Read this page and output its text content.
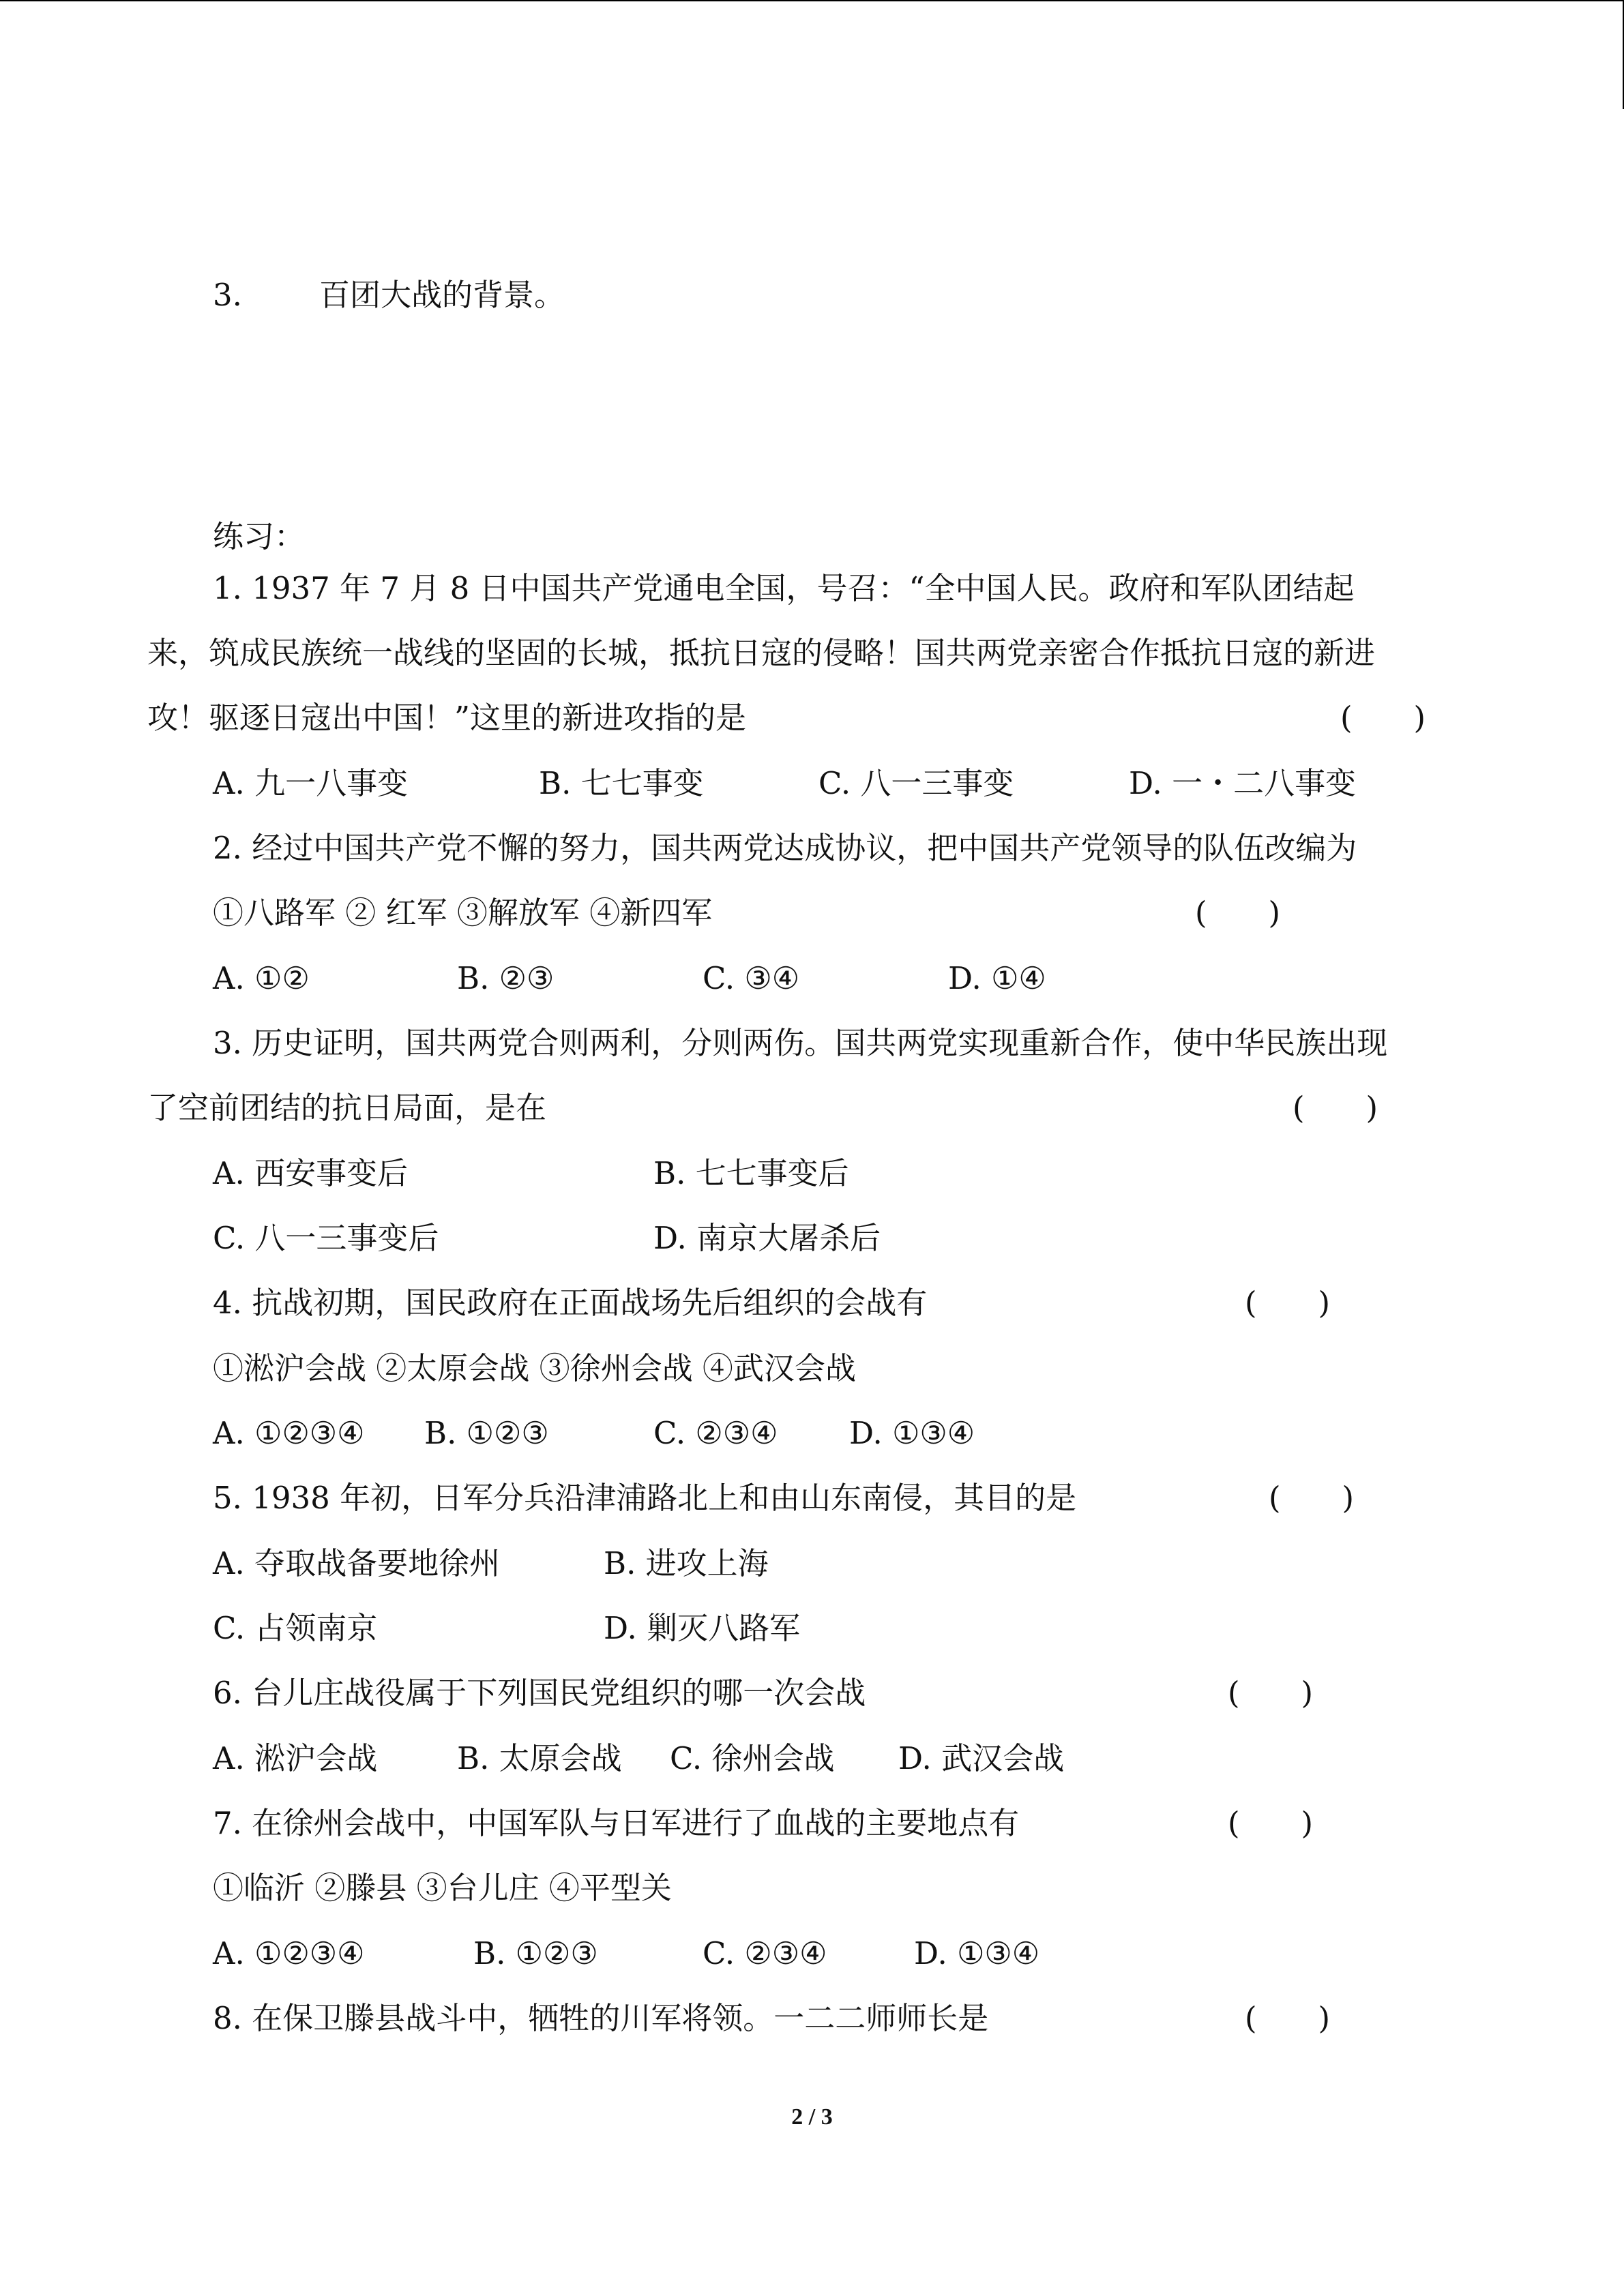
3.	百团大战的背景。
练习：
1. 1937 年 7 月 8 日中国共产党通电全国，号召：“全中国人民。政府和军队团结起
来，筑成民族统一战线的坚固的长城，抵抗日寇的侵略！国共两党亲密合作抵抗日寇的新进
攻！驱逐日寇出中国！”这里的新进攻指的是	(　　)
A. 九一八事变	B. 七七事变	C. 八一三事变	D. 一・二八事变
2. 经过中国共产党不懈的努力，国共两党达成协议，把中国共产党领导的队伍改编为
①八路军 ② 红军 ③解放军 ④新四军	(　　)
A. ①②	B. ②③	C. ③④	D. ①④
3. 历史证明，国共两党合则两利，分则两伤。国共两党实现重新合作，使中华民族出现
了空前团结的抗日局面，是在	(　　)
A. 西安事变后	B. 七七事变后
C. 八一三事变后	D. 南京大屠杀后
4. 抗战初期，国民政府在正面战场先后组织的会战有	(　　)
①淞沪会战 ②太原会战 ③徐州会战 ④武汉会战
A. ①②③④ B. ①②③	C. ②③④ D. ①③④
5. 1938 年初，日军分兵沿津浦路北上和由山东南侵，其目的是	(　　)
A. 夺取战备要地徐州	B. 进攻上海
C. 占领南京	D. 剿灭八路军
6. 台儿庄战役属于下列国民党组织的哪一次会战	(　　)
A. 淞沪会战	B. 太原会战 C. 徐州会战 D. 武汉会战
7. 在徐州会战中，中国军队与日军进行了血战的主要地点有	(　　)
①临沂 ②滕县 ③台儿庄 ④平型关
A. ①②③④	B. ①②③	C. ②③④	D. ①③④
8. 在保卫滕县战斗中，牺牲的川军将领。一二二师师长是	(　　)
2 / 3
